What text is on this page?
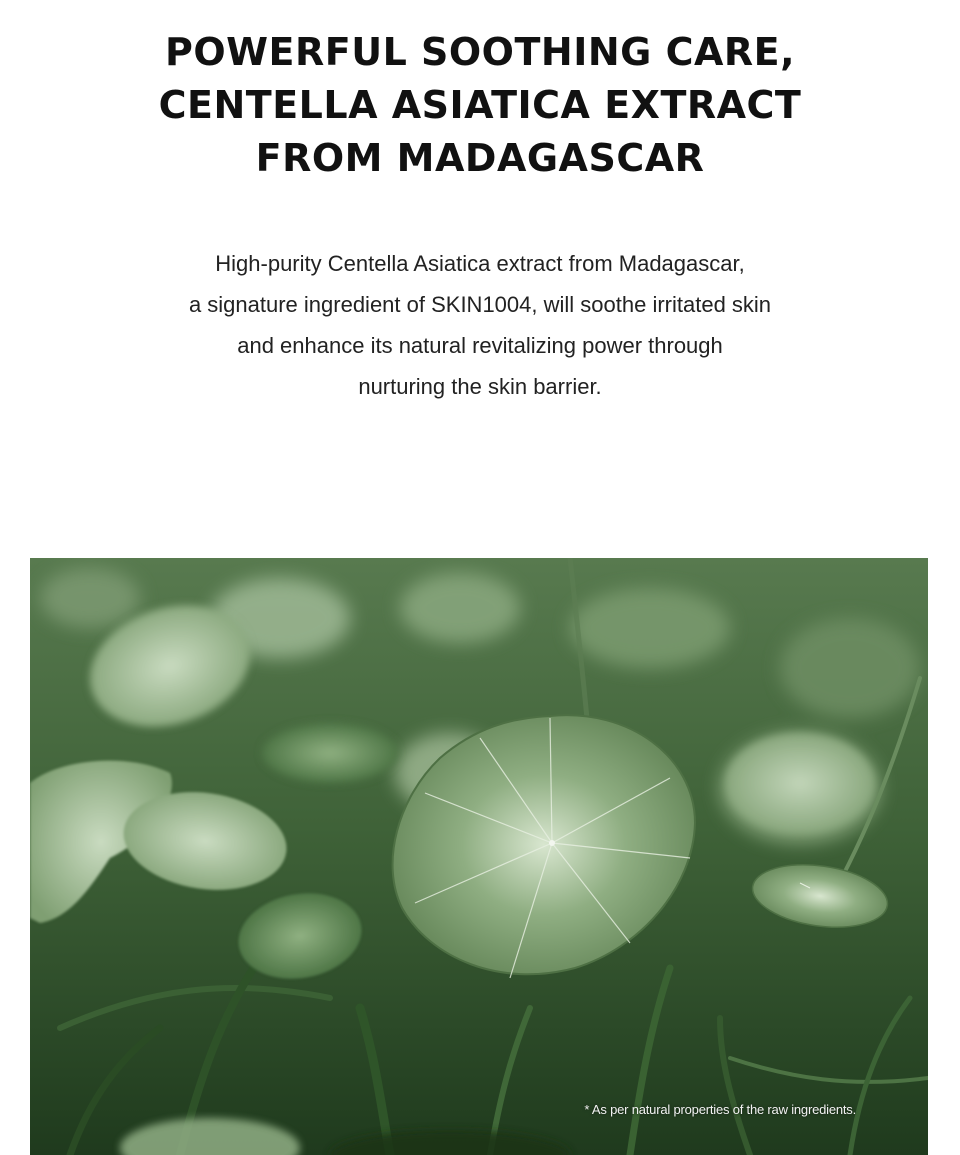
POWERFUL SOOTHING CARE,
CENTELLA ASIATICA EXTRACT
FROM MADAGASCAR

High-purity Centella Asiatica extract from Madagascar,
a signature ingredient of SKIN1004, will soothe irritated skin
and enhance its natural revitalizing power through
nurturing the skin barrier.

* As per natural properties of the raw ingredients.
